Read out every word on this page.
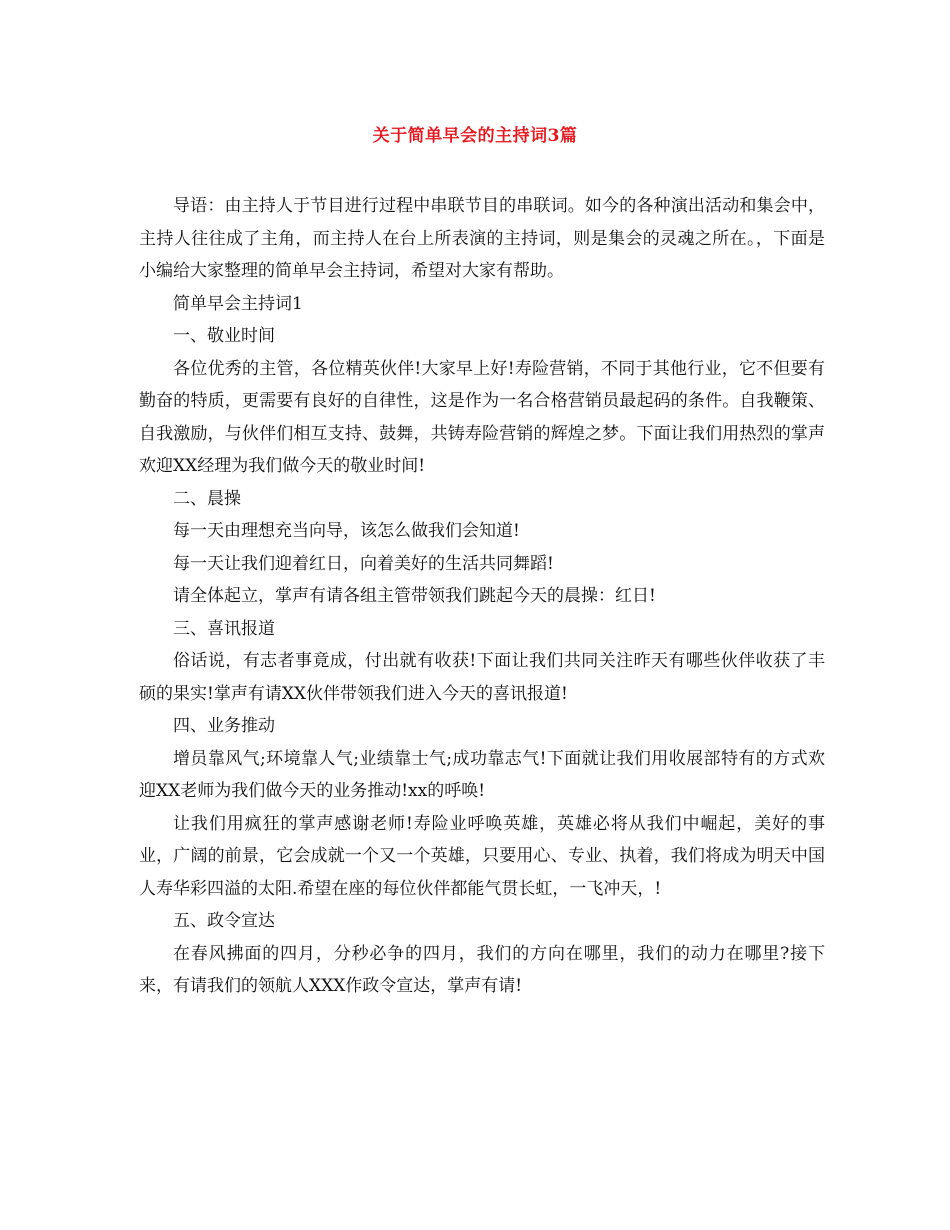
关于简单早会的主持词3篇

导语：由主持人于节目进行过程中串联节目的串联词。如今的各种演出活动和集会中，主持人往往成了主角，而主持人在台上所表演的主持词，则是集会的灵魂之所在。，下面是小编给大家整理的简单早会主持词，希望对大家有帮助。

简单早会主持词1

一、敬业时间

各位优秀的主管，各位精英伙伴!大家早上好!寿险营销，不同于其他行业，它不但要有勤奋的特质，更需要有良好的自律性，这是作为一名合格营销员最起码的条件。自我鞭策、自我激励，与伙伴们相互支持、鼓舞，共铸寿险营销的辉煌之梦。下面让我们用热烈的掌声欢迎XX经理为我们做今天的敬业时间!

二、晨操

每一天由理想充当向导，该怎么做我们会知道!

每一天让我们迎着红日，向着美好的生活共同舞蹈!

请全体起立，掌声有请各组主管带领我们跳起今天的晨操：红日!

三、喜讯报道

俗话说，有志者事竟成，付出就有收获!下面让我们共同关注昨天有哪些伙伴收获了丰硕的果实!掌声有请XX伙伴带领我们进入今天的喜讯报道!

四、业务推动

增员靠风气;环境靠人气;业绩靠士气;成功靠志气!下面就让我们用收展部特有的方式欢迎XX老师为我们做今天的业务推动!xx的呼唤!

让我们用疯狂的掌声感谢老师!寿险业呼唤英雄，英雄必将从我们中崛起，美好的事业，广阔的前景，它会成就一个又一个英雄，只要用心、专业、执着，我们将成为明天中国人寿华彩四溢的太阳.希望在座的每位伙伴都能气贯长虹，一飞冲天，!

五、政令宣达

在春风拂面的四月，分秒必争的四月，我们的方向在哪里，我们的动力在哪里?接下来，有请我们的领航人XXX作政令宣达，掌声有请!
